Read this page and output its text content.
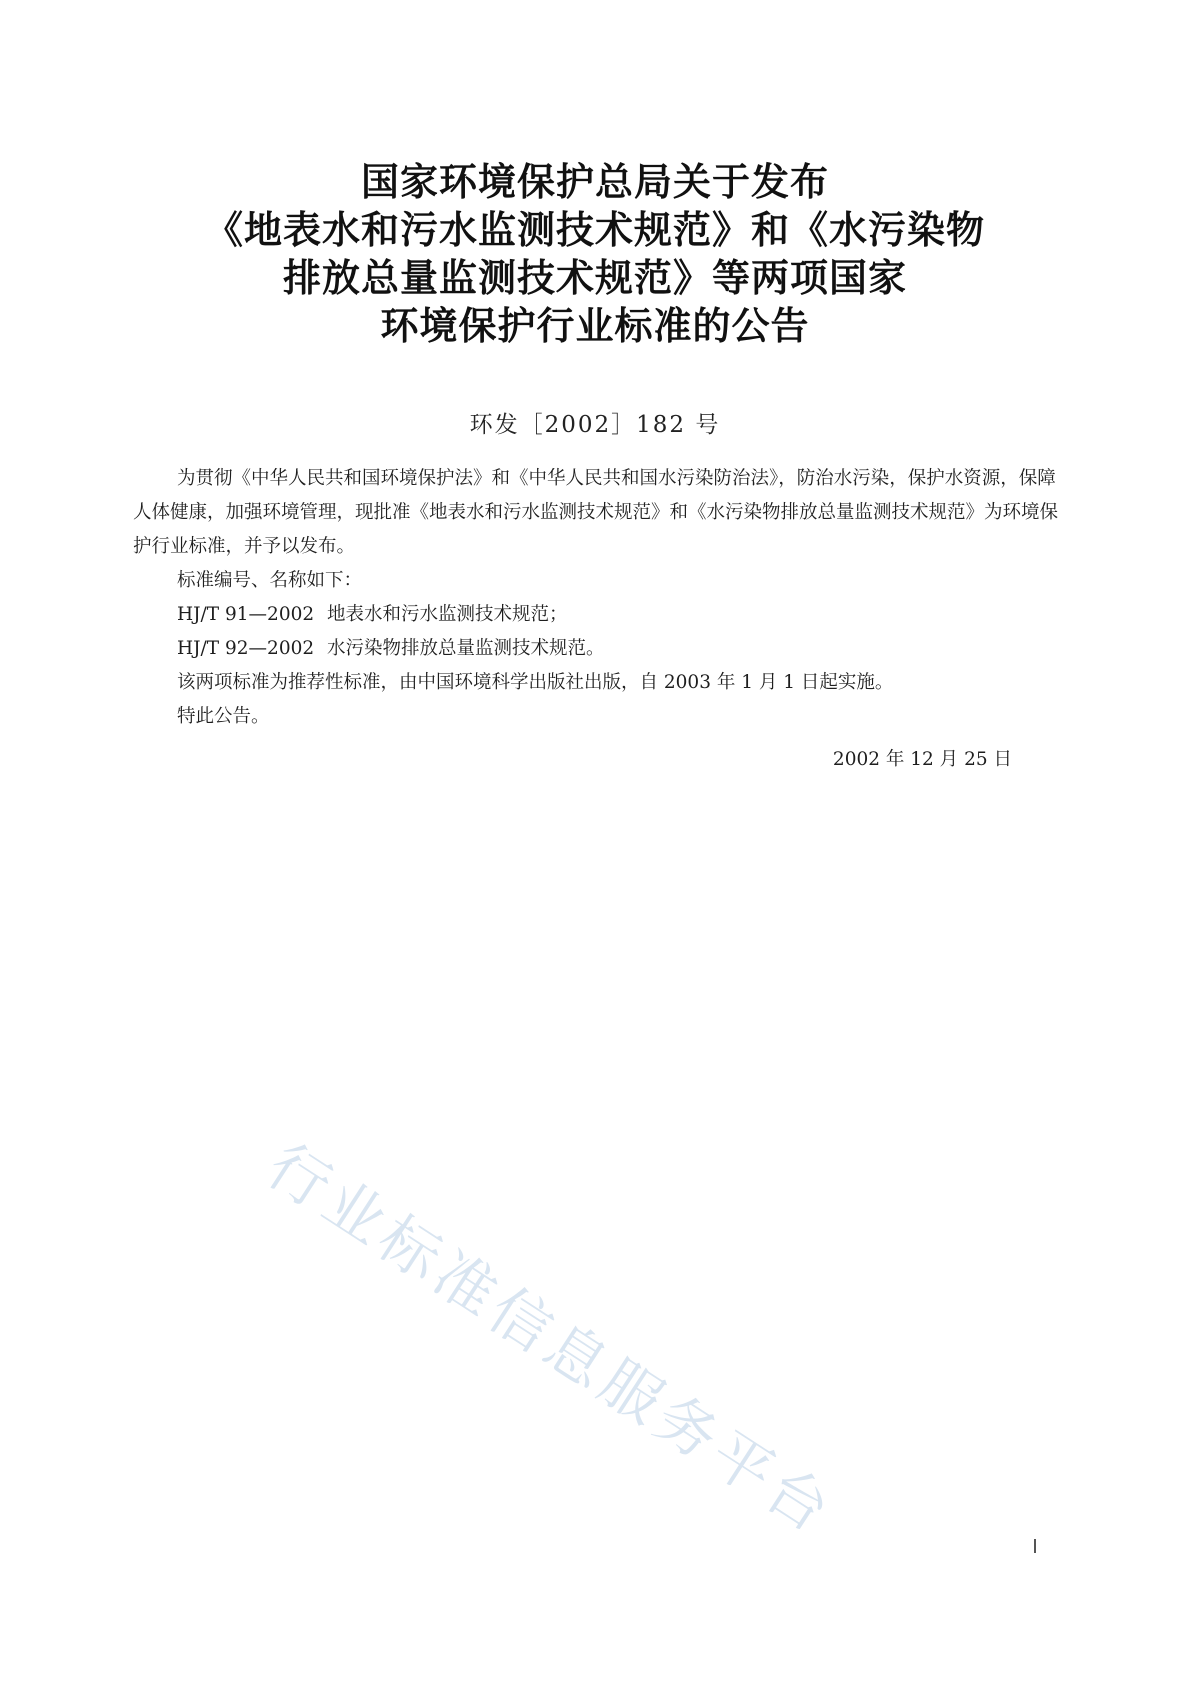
国家环境保护总局关于发布
《地表水和污水监测技术规范》和《水污染物
排放总量监测技术规范》等两项国家
环境保护行业标准的公告
环发［2002］182 号

为贯彻《中华人民共和国环境保护法》和《中华人民共和国水污染防治法》，防治水污染，保护水资源，保障人体健康，加强环境管理，现批准《地表水和污水监测技术规范》和《水污染物排放总量监测技术规范》为环境保护行业标准，并予以发布。

标准编号、名称如下：

HJ/T 91—2002 地表水和污水监测技术规范；

HJ/T 92—2002 水污染物排放总量监测技术规范。

该两项标准为推荐性标准，由中国环境科学出版社出版，自 2003 年 1 月 1 日起实施。

特此公告。

2002 年 12 月 25 日
行业标准信息服务平台
